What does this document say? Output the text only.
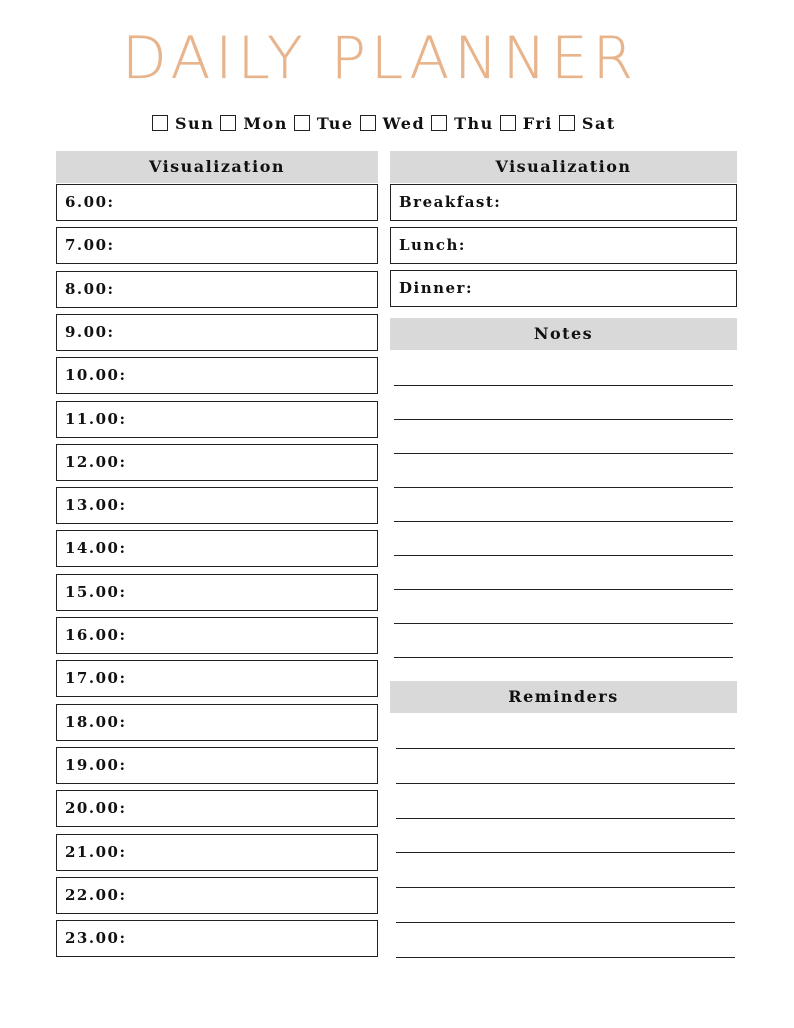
DAILY PLANNER
Sun Mon Tue Wed Thu Fri Sat
Visualization
6.00:
7.00:
8.00:
9.00:
10.00:
11.00:
12.00:
13.00:
14.00:
15.00:
16.00:
17.00:
18.00:
19.00:
20.00:
21.00:
22.00:
23.00:
Visualization
Breakfast:
Lunch:
Dinner:
Notes
Reminders
